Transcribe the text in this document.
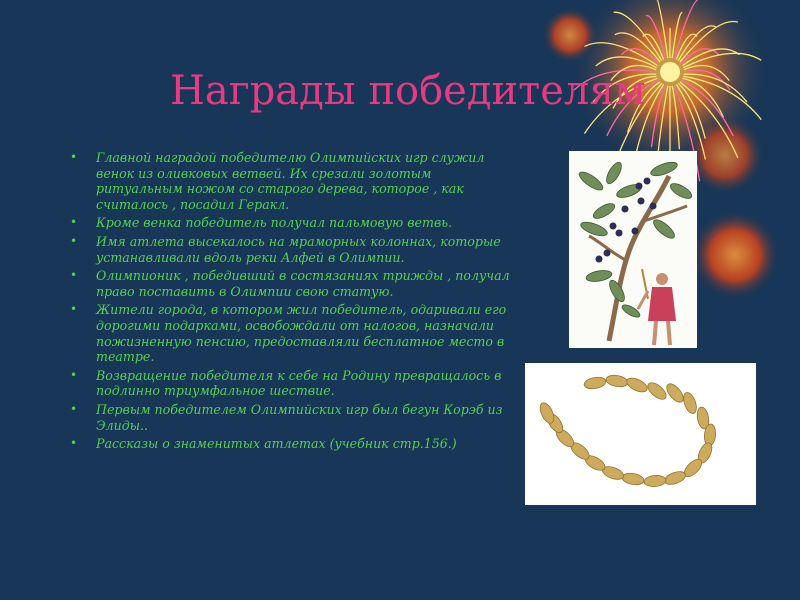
Награды победителям
• Главной наградой победителю Олимпийских игр служил венок из оливковых ветвей. Их срезали золотым ритуальным ножом со старого дерева, которое , как считалось , посадил Геракл.
• Кроме венка победитель получал пальмовую ветвь.
• Имя атлета высекалось на мраморных колоннах, которые устанавливали вдоль реки Алфей в Олимпии.
• Олимпионик , победивший в состязаниях трижды , получал право поставить в Олимпии свою статую.
• Жители города, в котором жил победитель, одаривали его дорогими подарками, освобождали от налогов, назначали пожизненную пенсию, предоставляли бесплатное место в театре.
• Возвращение победителя к себе на Родину превращалось в подлинно триумфальное шествие.
• Первым победителем Олимпийских игр был бегун Корэб из Элиды..
• Рассказы о знаменитых атлетах (учебник стр.156.)
